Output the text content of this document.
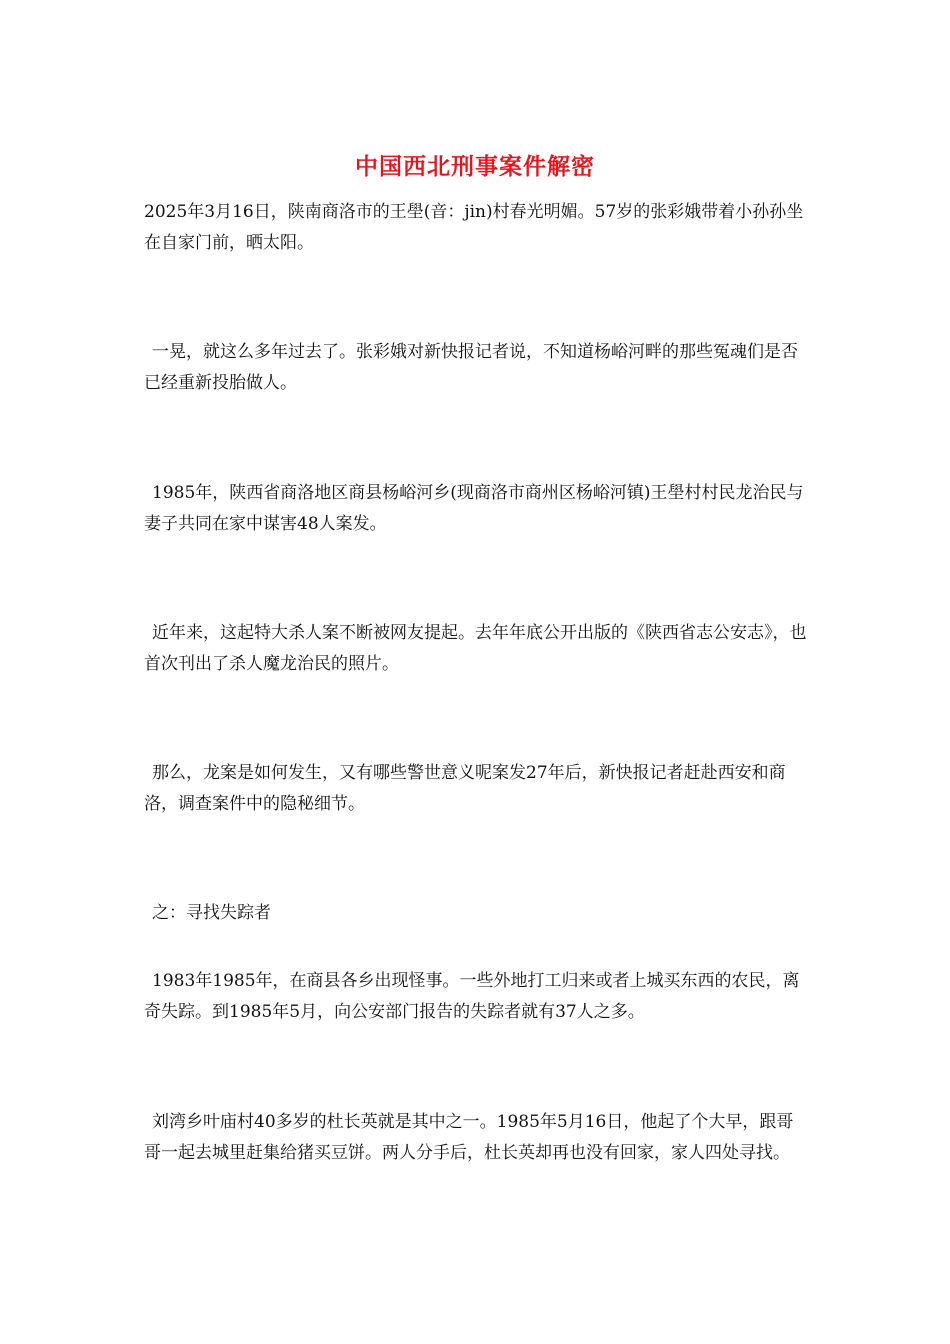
中国西北刑事案件解密

2025年3月16日，陕南商洛市的王壆(音：jin)村春光明媚。57岁的张彩娥带着小孙孙坐在自家门前，晒太阳。

一晃，就这么多年过去了。张彩娥对新快报记者说，不知道杨峪河畔的那些冤魂们是否已经重新投胎做人。

1985年，陕西省商洛地区商县杨峪河乡(现商洛市商州区杨峪河镇)王壆村村民龙治民与妻子共同在家中谋害48人案发。

近年来，这起特大杀人案不断被网友提起。去年年底公开出版的《陕西省志公安志》，也首次刊出了杀人魔龙治民的照片。

那么，龙案是如何发生，又有哪些警世意义呢案发27年后，新快报记者赶赴西安和商洛，调查案件中的隐秘细节。

之：寻找失踪者

1983年1985年，在商县各乡出现怪事。一些外地打工归来或者上城买东西的农民，离奇失踪。到1985年5月，向公安部门报告的失踪者就有37人之多。

刘湾乡叶庙村40多岁的杜长英就是其中之一。1985年5月16日，他起了个大早，跟哥哥一起去城里赶集给猪买豆饼。两人分手后，杜长英却再也没有回家，家人四处寻找。
